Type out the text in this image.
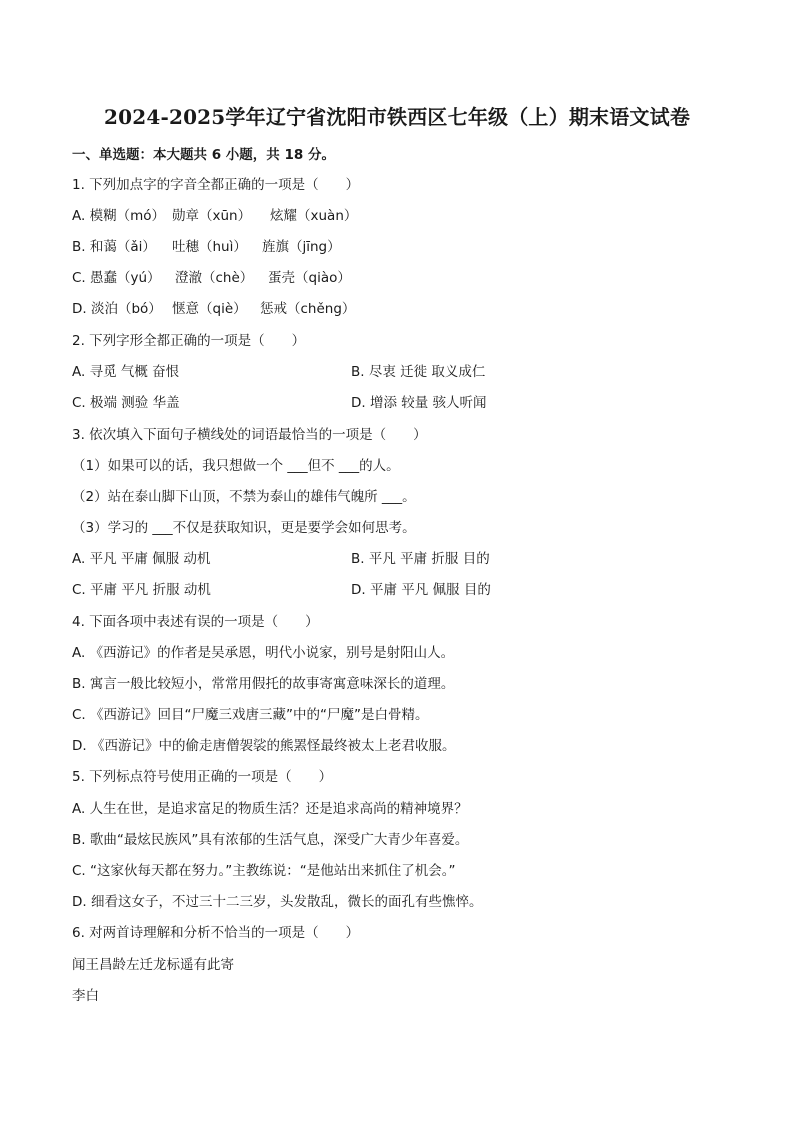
2024-2025学年辽宁省沈阳市铁西区七年级（上）期末语文试卷
一、单选题：本大题共 6 小题，共 18 分。
1. 下列加点字的字音全都正确的一项是（　　）
A. 模糊（mó） 勋章（xūn） 炫耀（xuàn）
B. 和蔼（ǎi） 吐穗（huì） 旌旗（jīng）
C. 愚蠢（yú） 澄澈（chè） 蛋壳（qiào）
D. 淡泊（bó） 惬意（qiè） 惩戒（chěng）
2. 下列字形全都正确的一项是（　　）
A. 寻觅 气概 奋恨	B. 尽衷 迁徙 取义成仁
C. 极端 测验 华盖	D. 增添 较量 骇人听闻
3. 依次填入下面句子横线处的词语最恰当的一项是（　　）
（1）如果可以的话，我只想做一个 ___但不 ___的人。
（2）站在泰山脚下山顶，不禁为泰山的雄伟气魄所 ___。
（3）学习的 ___不仅是获取知识，更是要学会如何思考。
A. 平凡 平庸 佩服 动机	B. 平凡 平庸 折服 目的
C. 平庸 平凡 折服 动机	D. 平庸 平凡 佩服 目的
4. 下面各项中表述有误的一项是（　　）
A. 《西游记》的作者是吴承恩，明代小说家，别号是射阳山人。
B. 寓言一般比较短小，常常用假托的故事寄寓意味深长的道理。
C. 《西游记》回目“尸魔三戏唐三藏”中的“尸魔”是白骨精。
D. 《西游记》中的偷走唐僧袈裟的熊罴怪最终被太上老君收服。
5. 下列标点符号使用正确的一项是（　　）
A. 人生在世，是追求富足的物质生活？还是追求高尚的精神境界？
B. 歌曲“最炫民族风”具有浓郁的生活气息，深受广大青少年喜爱。
C. “这家伙每天都在努力。”主教练说：“是他站出来抓住了机会。”
D. 细看这女子，不过三十二三岁，头发散乱，微长的面孔有些憔悴。
6. 对两首诗理解和分析不恰当的一项是（　　）
闻王昌龄左迁龙标遥有此寄
李白
